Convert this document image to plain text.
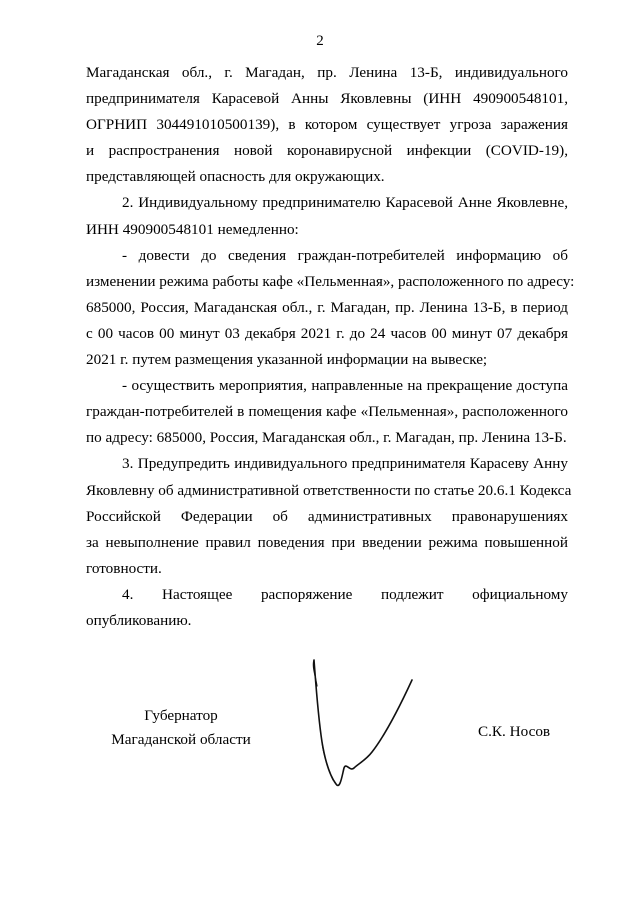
2

Магаданская обл., г. Магадан, пр. Ленина 13-Б, индивидуального
предпринимателя Карасевой Анны Яковлевны (ИНН 490900548101,
ОГРНИП 304491010500139), в котором существует угроза заражения
и распространения новой коронавирусной инфекции (COVID-19),
представляющей опасность для окружающих.

2. Индивидуальному предпринимателю Карасевой Анне Яковлевне,
ИНН 490900548101 немедленно:

- довести до сведения граждан-потребителей информацию об
изменении режима работы кафе «Пельменная», расположенного по адресу:
685000, Россия, Магаданская обл., г. Магадан, пр. Ленина 13-Б, в период
с 00 часов 00 минут 03 декабря 2021 г. до 24 часов 00 минут 07 декабря
2021 г. путем размещения указанной информации на вывеске;

- осуществить мероприятия, направленные на прекращение доступа
граждан-потребителей в помещения кафе «Пельменная», расположенного
по адресу: 685000, Россия, Магаданская обл., г. Магадан, пр. Ленина 13-Б.

3. Предупредить индивидуального предпринимателя Карасеву Анну
Яковлевну об административной ответственности по статье 20.6.1 Кодекса
Российской Федерации об административных правонарушениях
за невыполнение правил поведения при введении режима повышенной
готовности.

4. Настоящее распоряжение подлежит официальному
опубликованию.

Губернатор
Магаданской области	С.К. Носов
